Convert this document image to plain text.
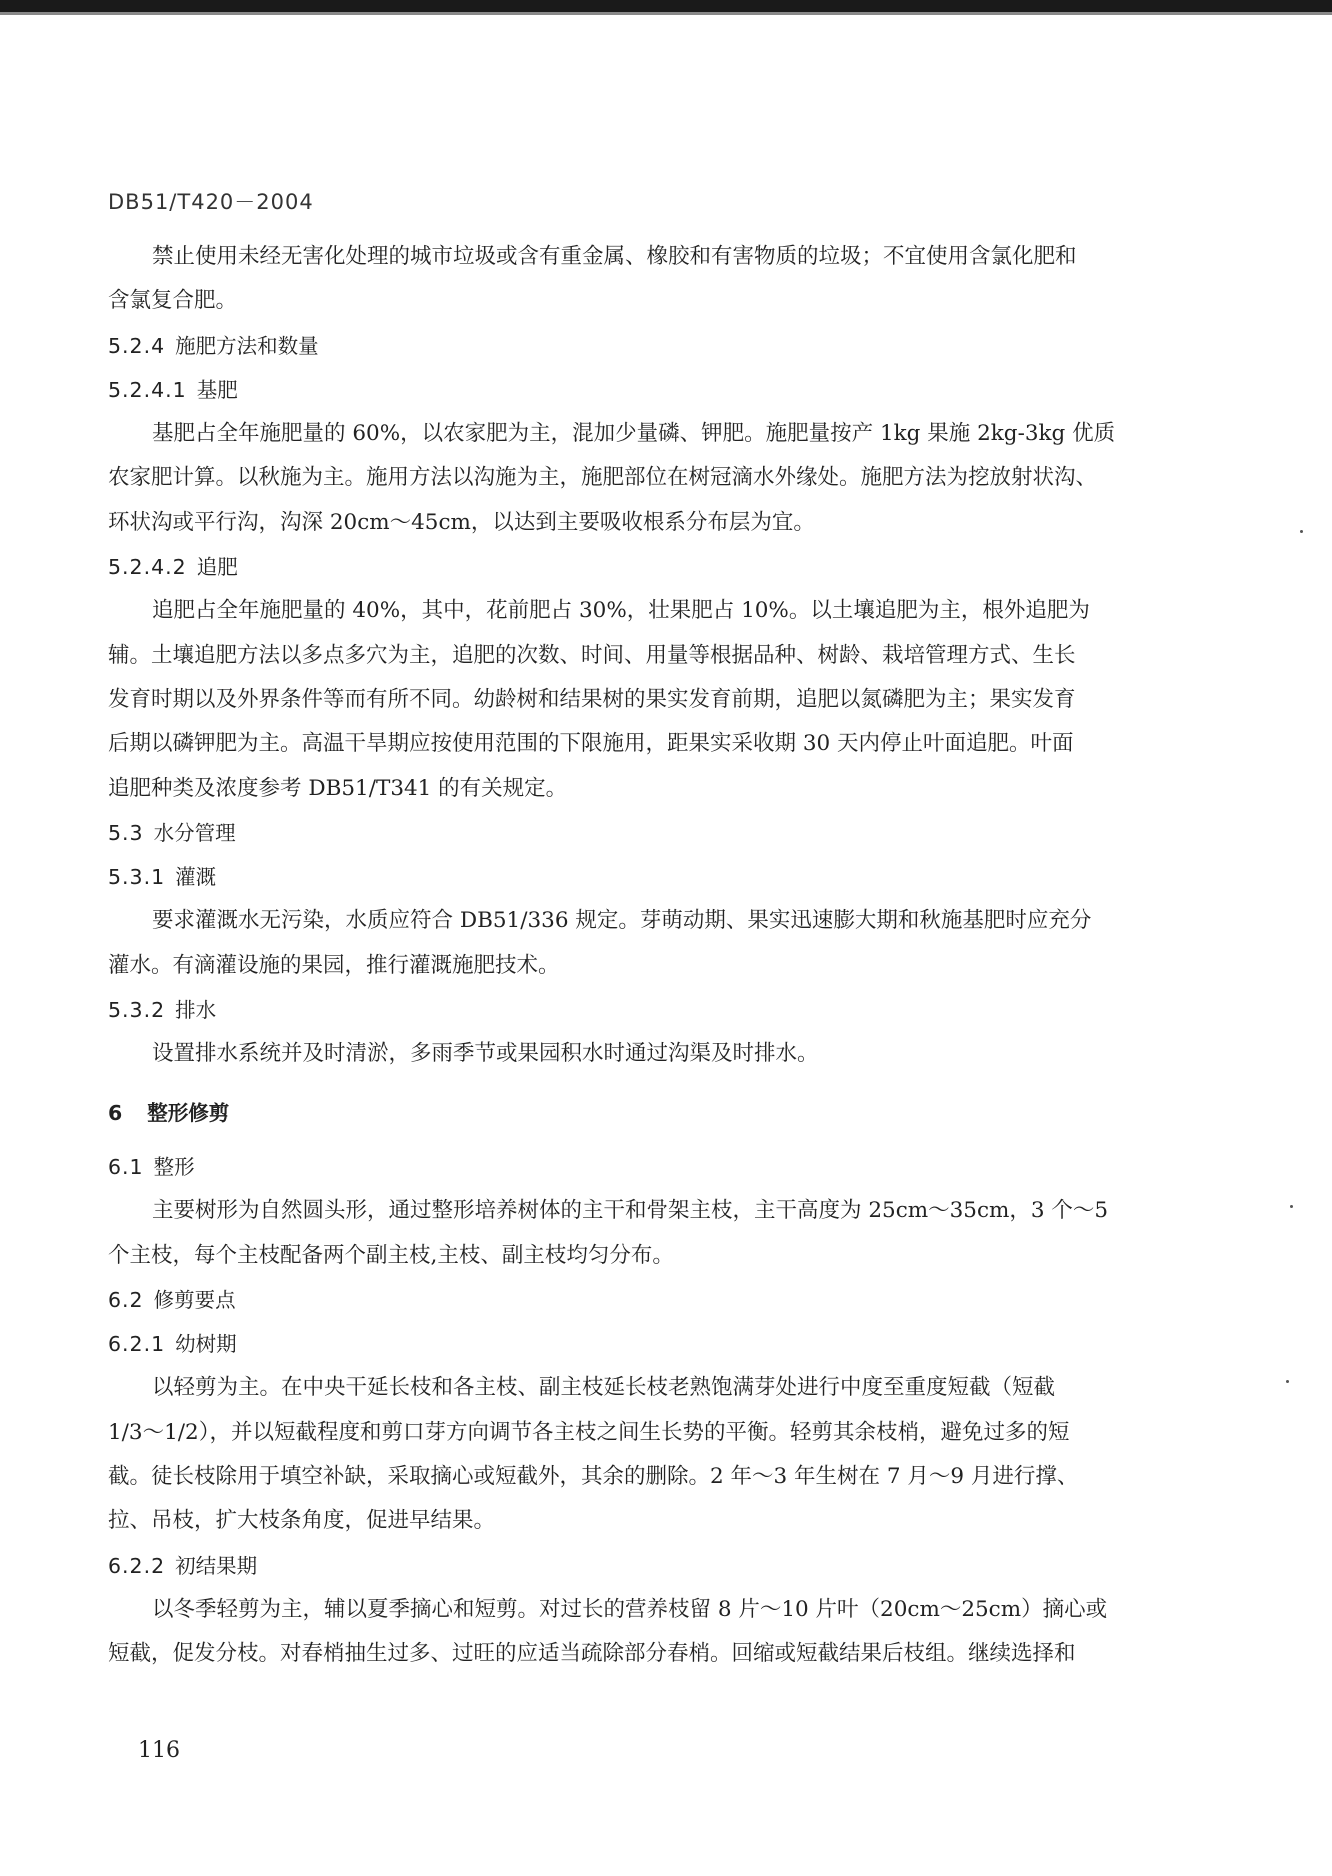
DB51/T420－2004
禁止使用未经无害化处理的城市垃圾或含有重金属、橡胶和有害物质的垃圾；不宜使用含氯化肥和
含氯复合肥。
5.2.4 施肥方法和数量
5.2.4.1 基肥
基肥占全年施肥量的 60%，以农家肥为主，混加少量磷、钾肥。施肥量按产 1kg 果施 2kg-3kg 优质
农家肥计算。以秋施为主。施用方法以沟施为主，施肥部位在树冠滴水外缘处。施肥方法为挖放射状沟、
环状沟或平行沟，沟深 20cm～45cm，以达到主要吸收根系分布层为宜。
5.2.4.2 追肥
追肥占全年施肥量的 40%，其中，花前肥占 30%，壮果肥占 10%。以土壤追肥为主，根外追肥为
辅。土壤追肥方法以多点多穴为主，追肥的次数、时间、用量等根据品种、树龄、栽培管理方式、生长
发育时期以及外界条件等而有所不同。幼龄树和结果树的果实发育前期，追肥以氮磷肥为主；果实发育
后期以磷钾肥为主。高温干旱期应按使用范围的下限施用，距果实采收期 30 天内停止叶面追肥。叶面
追肥种类及浓度参考 DB51/T341 的有关规定。
5.3 水分管理
5.3.1 灌溉
要求灌溉水无污染，水质应符合 DB51/336 规定。芽萌动期、果实迅速膨大期和秋施基肥时应充分
灌水。有滴灌设施的果园，推行灌溉施肥技术。
5.3.2 排水
设置排水系统并及时清淤，多雨季节或果园积水时通过沟渠及时排水。
6 整形修剪
6.1 整形
主要树形为自然圆头形，通过整形培养树体的主干和骨架主枝，主干高度为 25cm～35cm，3 个～5
个主枝，每个主枝配备两个副主枝,主枝、副主枝均匀分布。
6.2 修剪要点
6.2.1 幼树期
以轻剪为主。在中央干延长枝和各主枝、副主枝延长枝老熟饱满芽处进行中度至重度短截（短截
1/3～1/2），并以短截程度和剪口芽方向调节各主枝之间生长势的平衡。轻剪其余枝梢，避免过多的短
截。徒长枝除用于填空补缺，采取摘心或短截外，其余的删除。2 年～3 年生树在 7 月～9 月进行撑、
拉、吊枝，扩大枝条角度，促进早结果。
6.2.2 初结果期
以冬季轻剪为主，辅以夏季摘心和短剪。对过长的营养枝留 8 片～10 片叶（20cm～25cm）摘心或
短截，促发分枝。对春梢抽生过多、过旺的应适当疏除部分春梢。回缩或短截结果后枝组。继续选择和
116
